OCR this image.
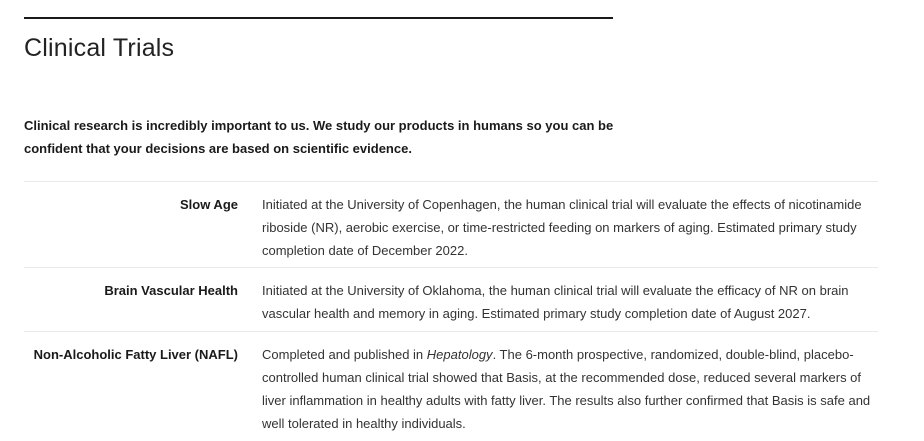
Clinical Trials

Clinical research is incredibly important to us. We study our products in humans so you can be confident that your decisions are based on scientific evidence.

Slow Age Initiated at the University of Copenhagen, the human clinical trial will evaluate the effects of nicotinamide riboside (NR), aerobic exercise, or time-restricted feeding on markers of aging. Estimated primary study completion date of December 2022.
Brain Vascular Health Initiated at the University of Oklahoma, the human clinical trial will evaluate the efficacy of NR on brain vascular health and memory in aging. Estimated primary study completion date of August 2027.
Non-Alcoholic Fatty Liver (NAFL) Completed and published in Hepatology. The 6-month prospective, randomized, double-blind, placebo-controlled human clinical trial showed that Basis, at the recommended dose, reduced several markers of liver inflammation in healthy adults with fatty liver. The results also further confirmed that Basis is safe and well tolerated in healthy individuals.
